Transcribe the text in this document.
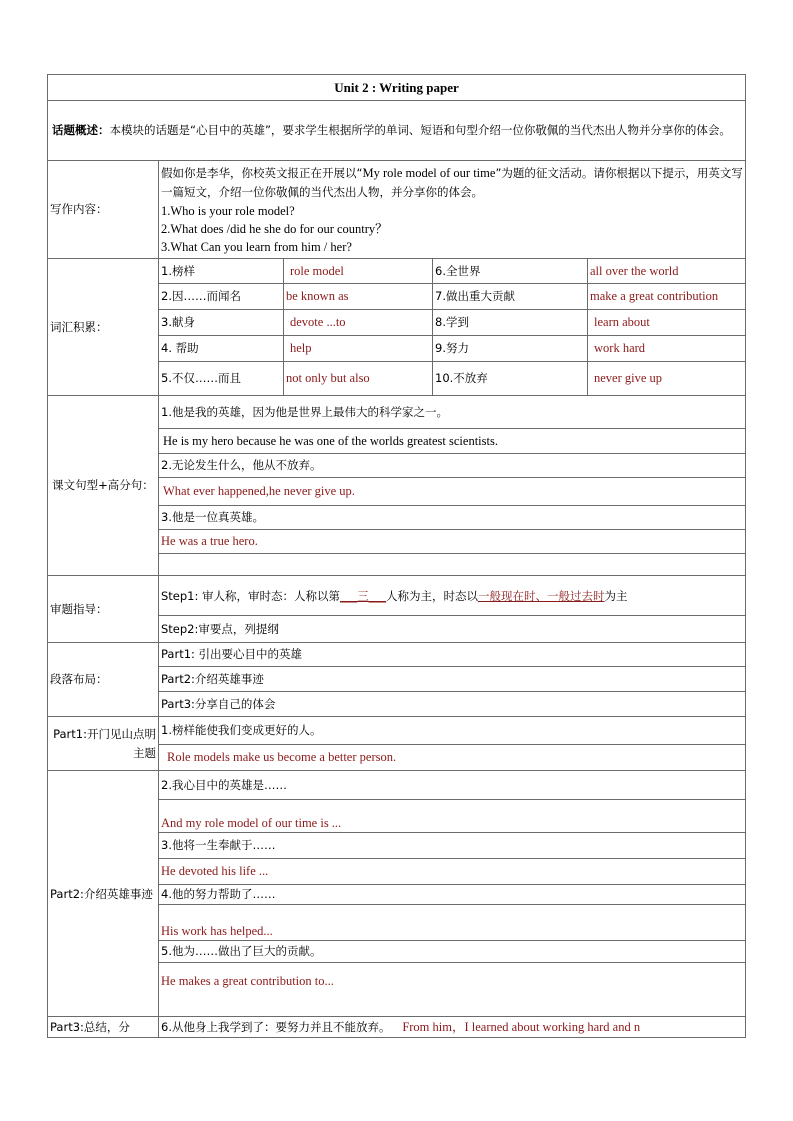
Unit 2 : Writing paper				
话题概述：本模块的话题是“心目中的英雄”，要求学生根据所学的单词、短语和句型介绍一位你敬佩的当代杰出人物并分享你的体会。				
写作内容：	假如你是李华，你校英文报正在开展以“My role model of our time”为题的征文活动。请你根据以下提示，用英文写一篇短文，介绍一位你敬佩的当代杰出人物，并分享你的体会。
1.Who is your role model?
2.What does /did he she do for our country？
3.What Can you learn from him / her?			

词汇积累：	1.榜样	role model	6.全世界	all over the world
	2.因……而闻名	be known as	7.做出重大贡献	make a great contribution
	3.献身	devote ...to	8.学到	learn about
	4. 帮助	help	9.努力	work hard
	5.不仅……而且	not only but also	10.不放弃	never give up
课文句型+高分句：	1.他是我的英雄，因为他是世界上最伟大的科学家之一。			
	He is my hero because he was one of the worlds greatest scientists.			
	2.无论发生什么，他从不放弃。			
	What ever happened,he never give up.			
	3.他是一位真英雄。			
	He was a true hero.			

审题指导：	Step1: 审人称，审时态：人称以第___三___人称为主，时态以一般现在时、一般过去时为主			
	Step2:审要点，列提纲			
段落布局：	Part1: 引出要心目中的英雄			
	Part2:介绍英雄事迹			
	Part3:分享自己的体会			
Part1:开门见山点明主题	1.榜样能使我们变成更好的人。			
	Role models make us become a better person.			
Part2:介绍英雄事迹	2.我心目中的英雄是……			
	And my role model of our time is ...			
	3.他将一生奉献于……			
	He devoted his life ...			
	4.他的努力帮助了……			
	His work has helped...			
	5.他为……做出了巨大的贡献。			
	He makes a great contribution to...			
Part3:总结，分	6.从他身上我学到了：要努力并且不能放弃。 From him，I learned about working hard and n			
